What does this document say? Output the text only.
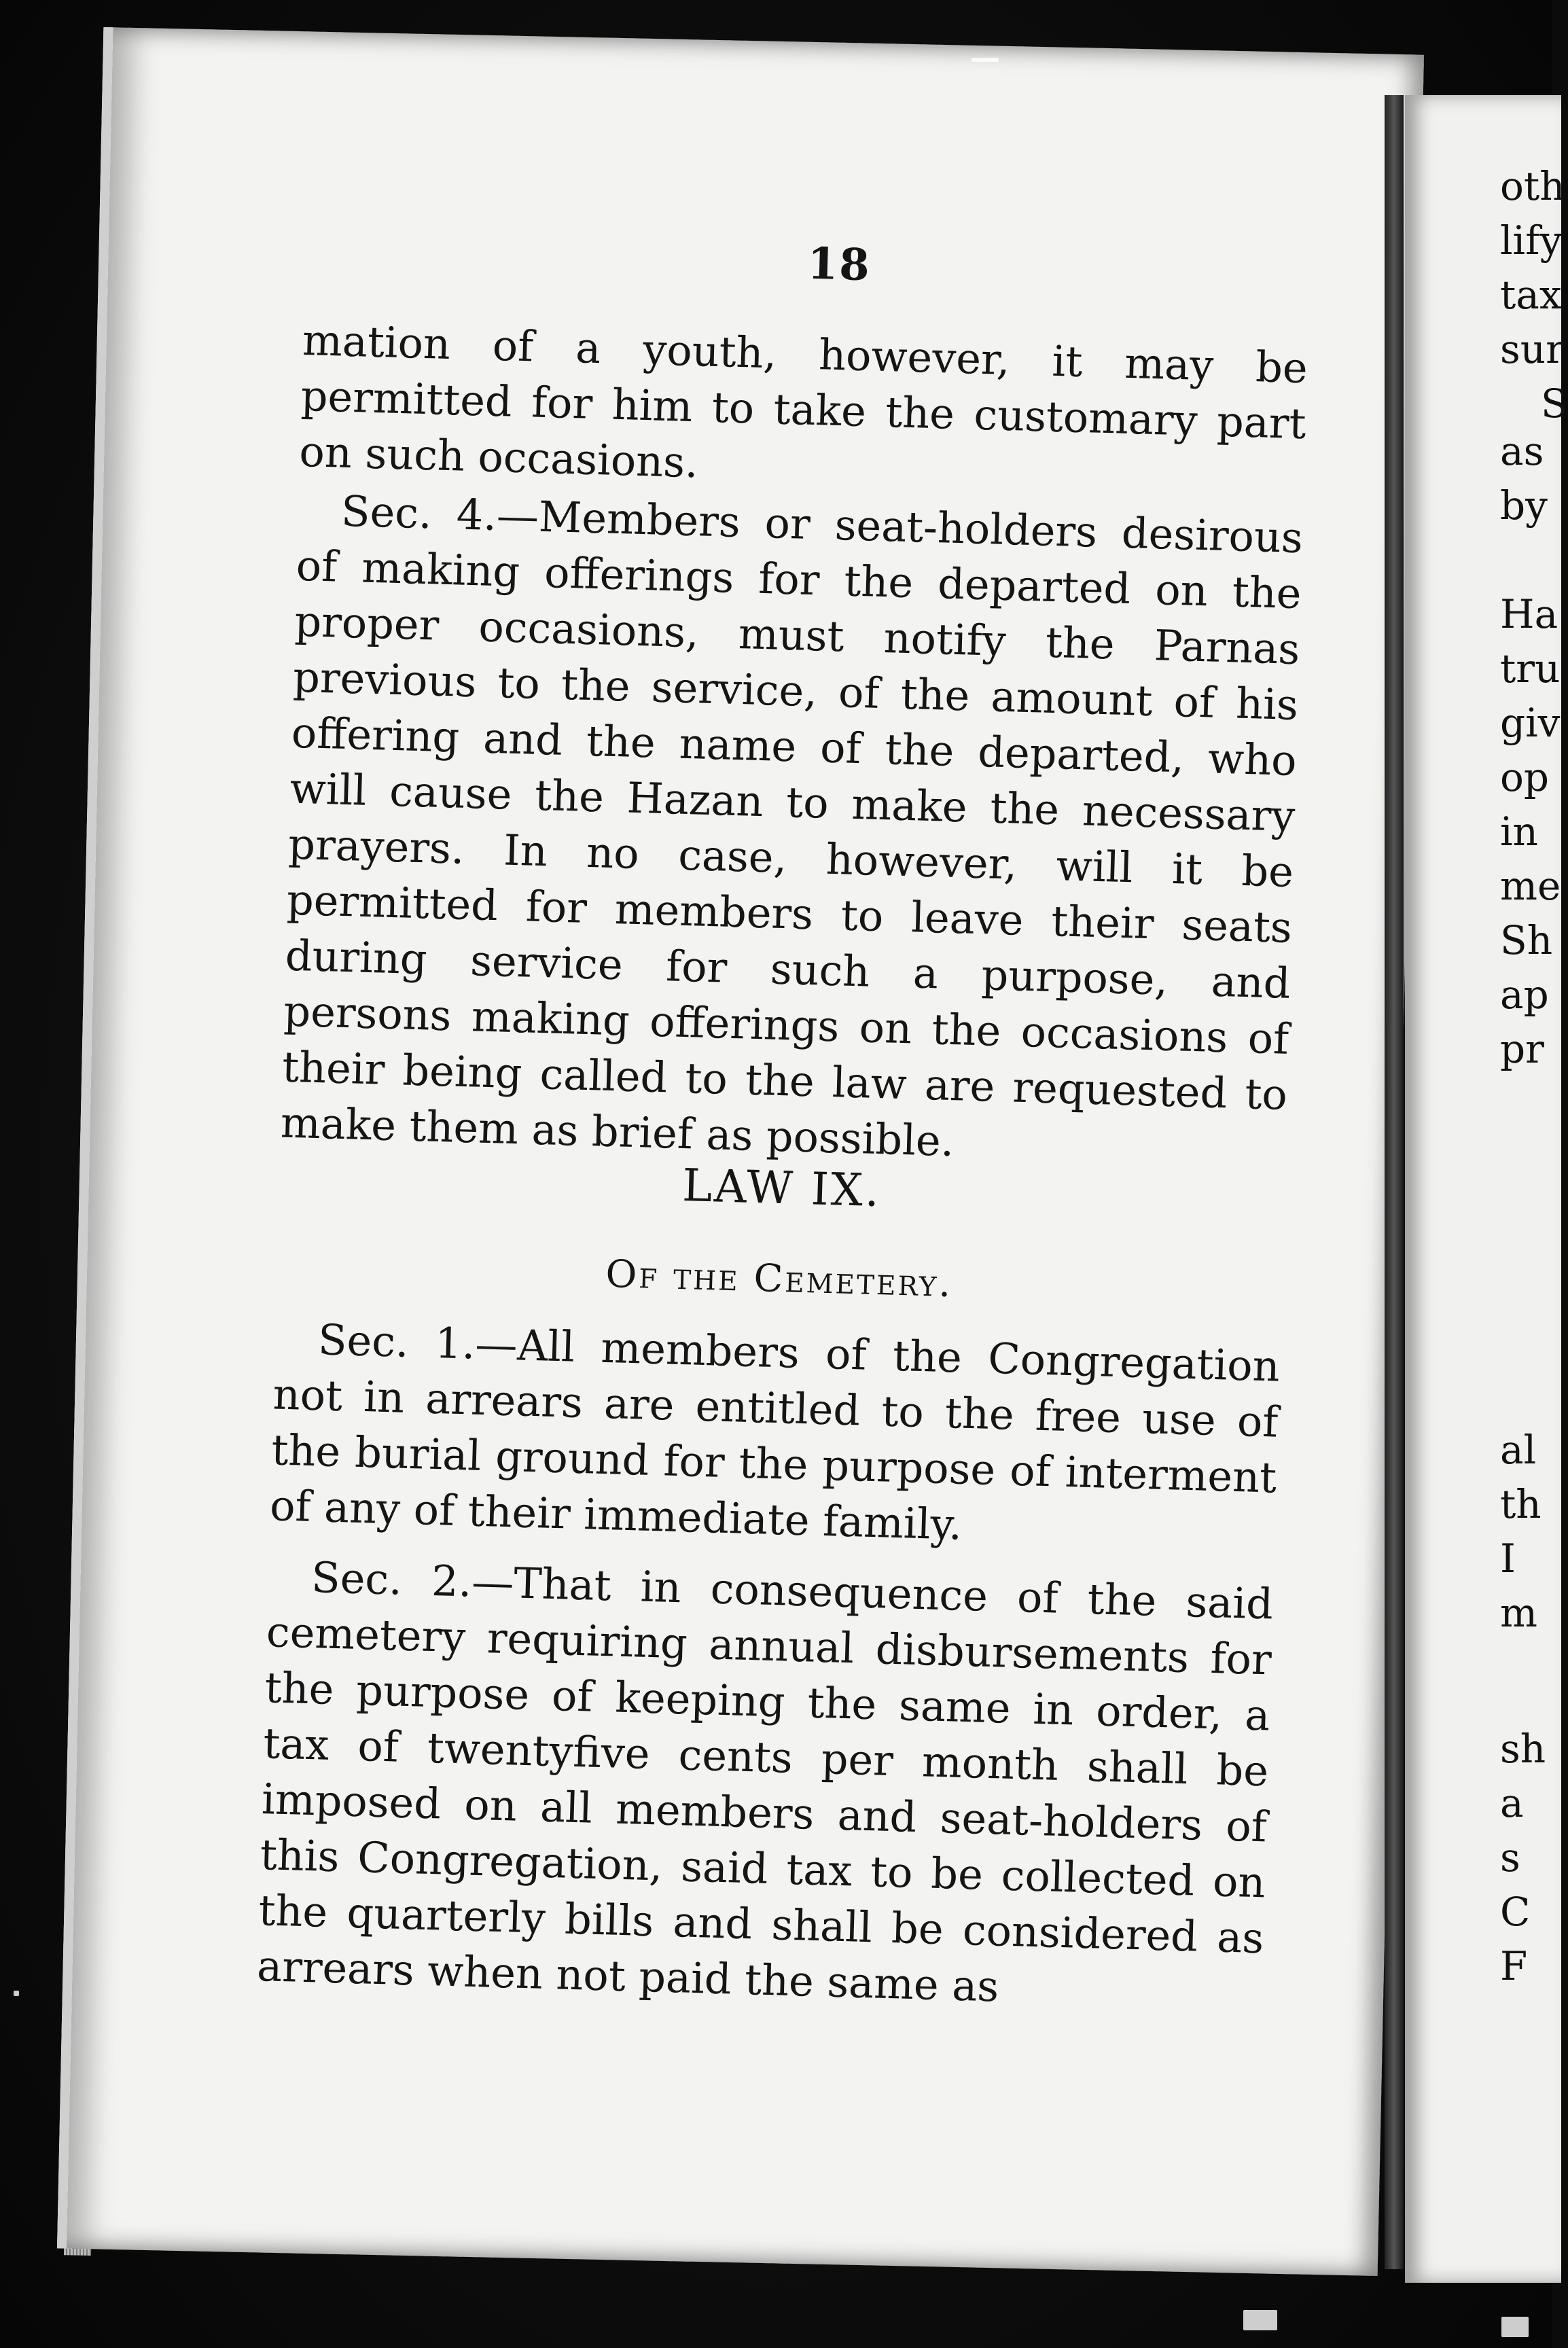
oth
lify
tax
sur
S
as
by
Ha
tru
giv
op
in
me
Sh
ap
pr
al
th
I
m
sh
a
s
C
F
18

mation of a youth, however, it may be permitted for him to take the customary part on such occasions.

Sec. 4.—Members or seat-holders desirous of making offerings for the departed on the proper occasions, must notify the Parnas previous to the service, of the amount of his offering and the name of the departed, who will cause the Hazan to make the necessary prayers. In no case, however, will it be permitted for members to leave their seats during service for such a purpose, and persons making offerings on the occasions of their being called to the law are requested to make them as brief as possible.

LAW IX.
Of the Cemetery.

Sec. 1.—All members of the Congregation not in arrears are entitled to the free use of the burial ground for the purpose of interment of any of their immediate family.

Sec. 2.—That in consequence of the said cemetery requiring annual disbursements for the purpose of keeping the same in order, a tax of twentyfive cents per month shall be imposed on all members and seat-holders of this Congregation, said tax to be collected on the quarterly bills and shall be considered as arrears when not paid the same as
